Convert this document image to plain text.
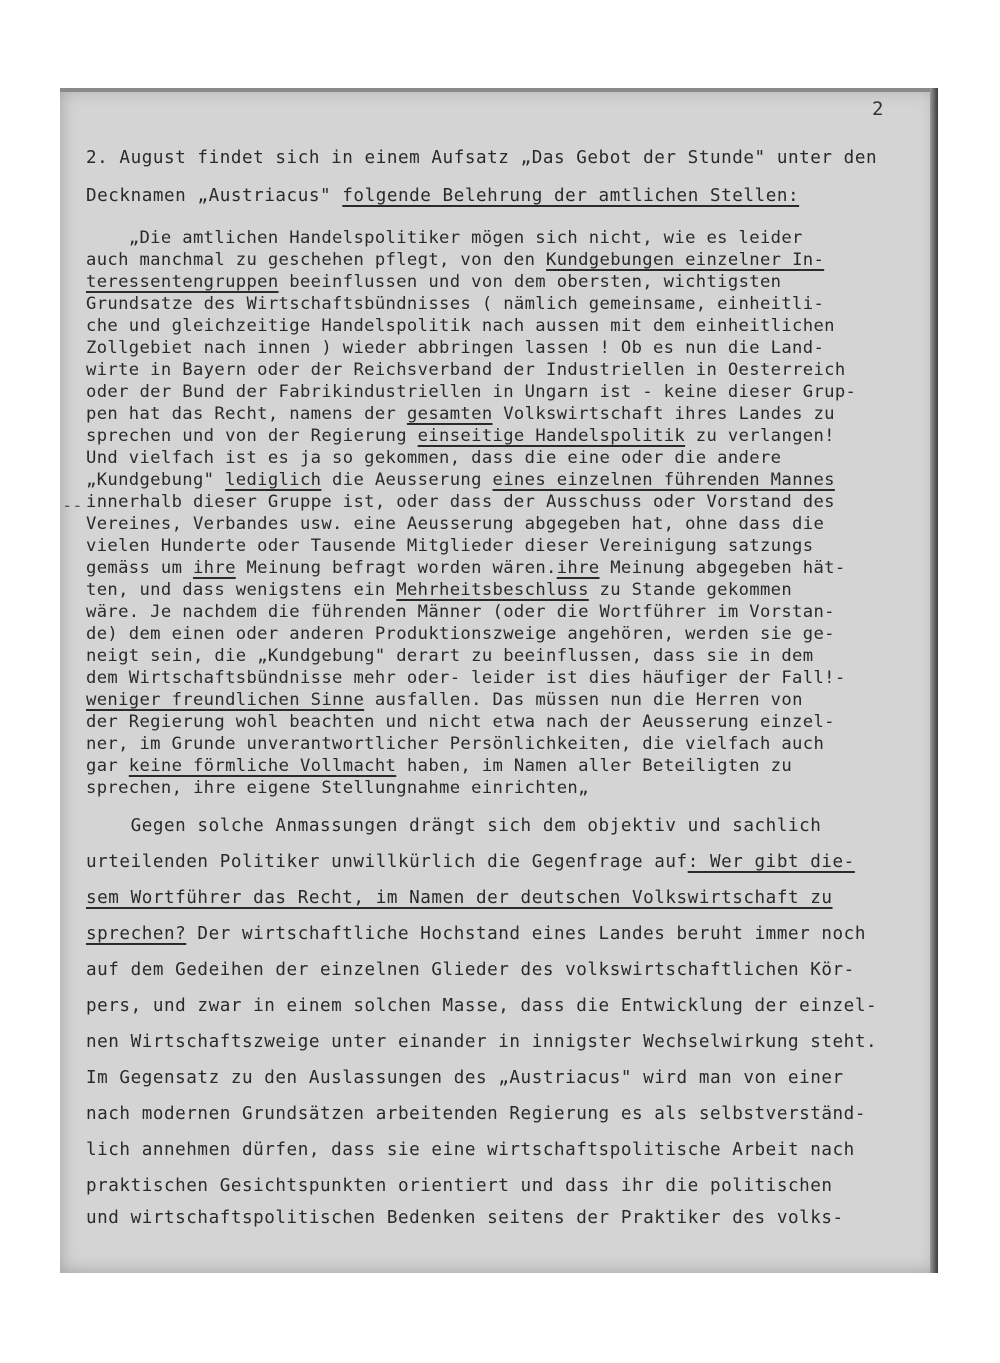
2
--
2. August findet sich in einem Aufsatz „Das Gebot der Stunde" unter den
Decknamen „Austriacus" folgende Belehrung der amtlichen Stellen:
„Die amtlichen Handelspolitiker mögen sich nicht, wie es leider
auch manchmal zu geschehen pflegt, von den Kundgebungen einzelner In-
teressentengruppen beeinflussen und von dem obersten, wichtigsten
Grundsatze des Wirtschaftsbündnisses ( nämlich gemeinsame, einheitli-
che und gleichzeitige Handelspolitik nach aussen mit dem einheitlichen
Zollgebiet nach innen ) wieder abbringen lassen ! Ob es nun die Land-
wirte in Bayern oder der Reichsverband der Industriellen in Oesterreich
oder der Bund der Fabrikindustriellen in Ungarn ist - keine dieser Grup-
pen hat das Recht, namens der gesamten Volkswirtschaft ihres Landes zu
sprechen und von der Regierung einseitige Handelspolitik zu verlangen!
Und vielfach ist es ja so gekommen, dass die eine oder die andere
„Kundgebung" lediglich die Aeusserung eines einzelnen führenden Mannes
innerhalb dieser Gruppe ist, oder dass der Ausschuss oder Vorstand des
Vereines, Verbandes usw. eine Aeusserung abgegeben hat, ohne dass die
vielen Hunderte oder Tausende Mitglieder dieser Vereinigung satzungs
gemäss um ihre Meinung befragt worden wären.ihre Meinung abgegeben hät-
ten, und dass wenigstens ein Mehrheitsbeschluss zu Stande gekommen
wäre. Je nachdem die führenden Männer (oder die Wortführer im Vorstan-
de) dem einen oder anderen Produktionszweige angehören, werden sie ge-
neigt sein, die „Kundgebung" derart zu beeinflussen, dass sie in dem
dem Wirtschaftsbündnisse mehr oder- leider ist dies häufiger der Fall!-
weniger freundlichen Sinne ausfallen. Das müssen nun die Herren von
der Regierung wohl beachten und nicht etwa nach der Aeusserung einzel-
ner, im Grunde unverantwortlicher Persönlichkeiten, die vielfach auch
gar keine förmliche Vollmacht haben, im Namen aller Beteiligten zu
sprechen, ihre eigene Stellungnahme einrichten„
Gegen solche Anmassungen drängt sich dem objektiv und sachlich
urteilenden Politiker unwillkürlich die Gegenfrage auf: Wer gibt die-
sem Wortführer das Recht, im Namen der deutschen Volkswirtschaft zu
sprechen? Der wirtschaftliche Hochstand eines Landes beruht immer noch
auf dem Gedeihen der einzelnen Glieder des volkswirtschaftlichen Kör-
pers, und zwar in einem solchen Masse, dass die Entwicklung der einzel-
nen Wirtschaftszweige unter einander in innigster Wechselwirkung steht.
Im Gegensatz zu den Auslassungen des „Austriacus" wird man von einer
nach modernen Grundsätzen arbeitenden Regierung es als selbstverständ-
lich annehmen dürfen, dass sie eine wirtschaftspolitische Arbeit nach
praktischen Gesichtspunkten orientiert und dass ihr die politischen
und wirtschaftspolitischen Bedenken seitens der Praktiker des volks-
